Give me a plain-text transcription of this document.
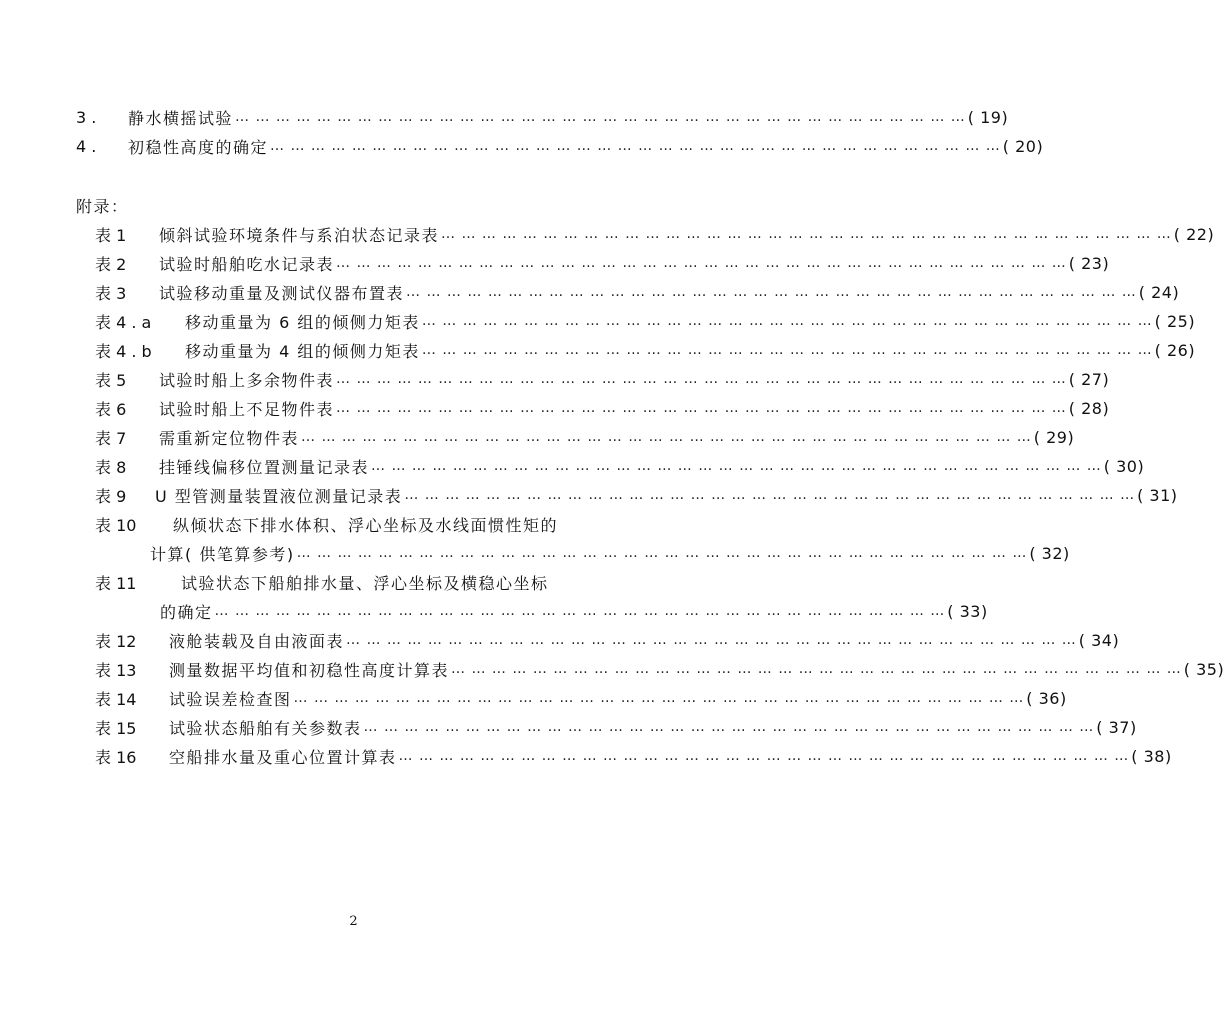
3 .	静水横摇试验 … … … … … … … … … … … … … … … … … … … … … … … … … … … … … … … … … … … … ( 19)
4 .	初稳性高度的确定 … … … … … … … … … … … … … … … … … … … … … … … … … … … … … … … … … … … … ( 20)
附录：
表 1	倾斜试验环境条件与系泊状态记录表 … … … … … … … … … … … … … … … … … … … … … … … … … … … … … … … … … … … … ( 22)
表 2	试验时船舶吃水记录表 … … … … … … … … … … … … … … … … … … … … … … … … … … … … … … … … … … … … ( 23)
表 3	试验移动重量及测试仪器布置表 … … … … … … … … … … … … … … … … … … … … … … … … … … … … … … … … … … … … ( 24)
表 4 . a	移动重量为 6 组的倾侧力矩表 … … … … … … … … … … … … … … … … … … … … … … … … … … … … … … … … … … … … ( 25)
表 4 . b	移动重量为 4 组的倾侧力矩表 … … … … … … … … … … … … … … … … … … … … … … … … … … … … … … … … … … … … ( 26)
表 5	试验时船上多余物件表 … … … … … … … … … … … … … … … … … … … … … … … … … … … … … … … … … … … … ( 27)
表 6	试验时船上不足物件表 … … … … … … … … … … … … … … … … … … … … … … … … … … … … … … … … … … … … ( 28)
表 7	需重新定位物件表 … … … … … … … … … … … … … … … … … … … … … … … … … … … … … … … … … … … … ( 29)
表 8	挂锤线偏移位置测量记录表 … … … … … … … … … … … … … … … … … … … … … … … … … … … … … … … … … … … … ( 30)
表 9	U 型管测量装置液位测量记录表 … … … … … … … … … … … … … … … … … … … … … … … … … … … … … … … … … … … … ( 31)
表 10	纵倾状态下排水体积、浮心坐标及水线面惯性矩的
计算( 供笔算参考) … … … … … … … … … … … … … … … … … … … … … … … … … … … … … … … … … … … … ( 32)
表 11	试验状态下船舶排水量、浮心坐标及横稳心坐标
的确定 … … … … … … … … … … … … … … … … … … … … … … … … … … … … … … … … … … … … ( 33)
表 12	液舱装载及自由液面表 … … … … … … … … … … … … … … … … … … … … … … … … … … … … … … … … … … … … ( 34)
表 13	测量数据平均值和初稳性高度计算表 … … … … … … … … … … … … … … … … … … … … … … … … … … … … … … … … … … … … ( 35)
表 14	试验误差检查图 … … … … … … … … … … … … … … … … … … … … … … … … … … … … … … … … … … … … ( 36)
表 15	试验状态船舶有关参数表 … … … … … … … … … … … … … … … … … … … … … … … … … … … … … … … … … … … … ( 37)
表 16	空船排水量及重心位置计算表 … … … … … … … … … … … … … … … … … … … … … … … … … … … … … … … … … … … … ( 38)
2
